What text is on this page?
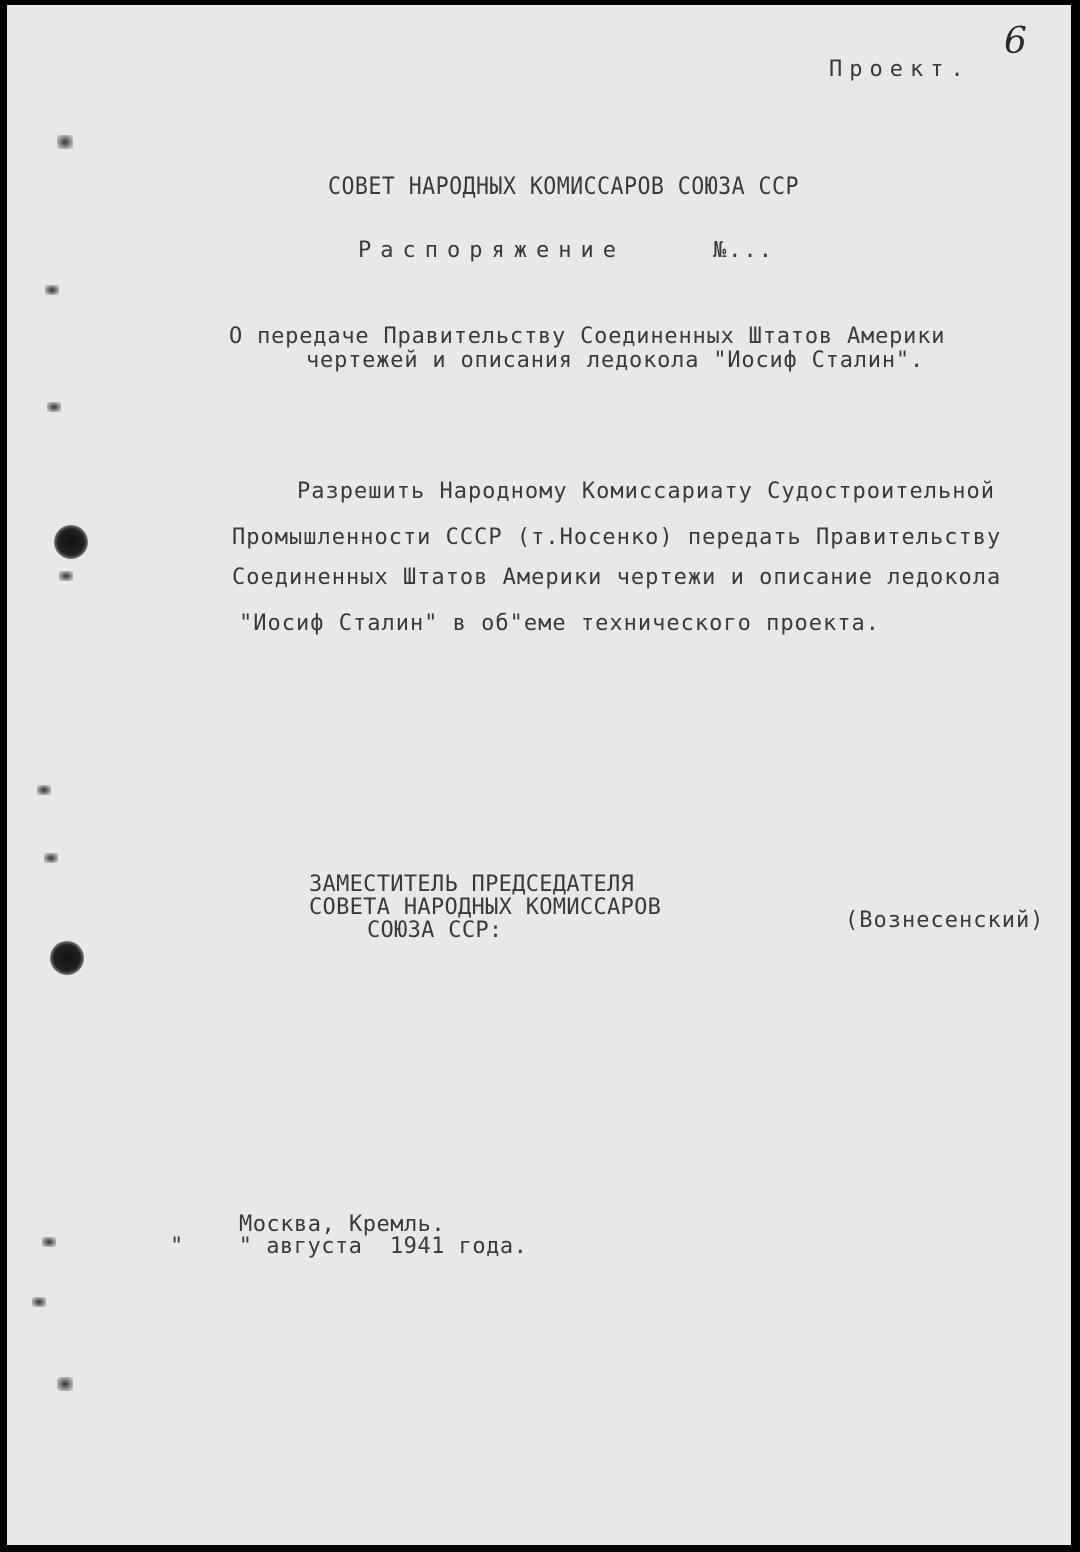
Проект.
6
СОВЕТ НАРОДНЫХ КОМИССАРОВ СОЮЗА ССР
Распоряжение	№...
О передаче Правительству Соединенных Штатов Америки
чертежей и описания ледокола "Иосиф Сталин".
Разрешить Народному Комиссариату Судостроительной
Промышленности СССР (т.Носенко) передать Правительству
Соединенных Штатов Америки чертежи и описание ледокола
"Иосиф Сталин" в об"еме технического проекта.
ЗАМЕСТИТЕЛЬ ПРЕДСЕДАТЕЛЯ
СОВЕТА НАРОДНЫХ КОМИССАРОВ
СОЮЗА ССР:	(Вознесенский)
Москва, Кремль.
"    " августа  1941 года.
